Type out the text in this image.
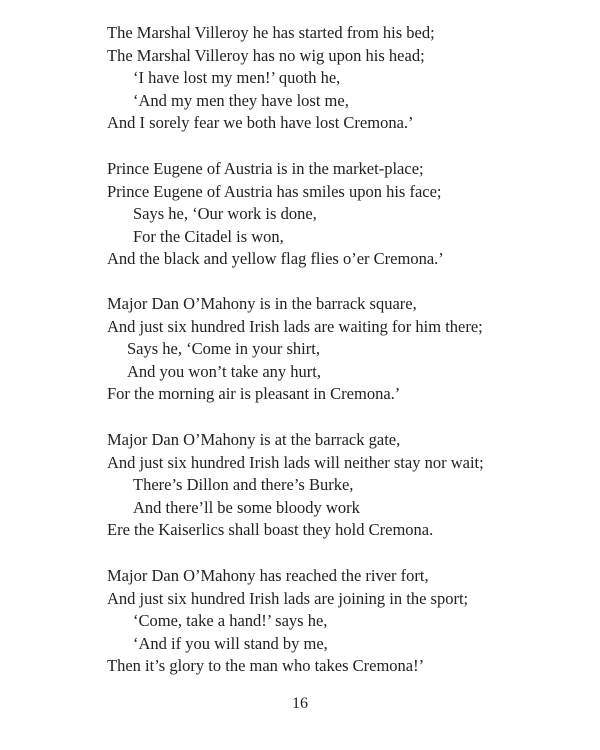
The Marshal Villeroy he has started from his bed;
The Marshal Villeroy has no wig upon his head;
‘I have lost my men!’ quoth he,
‘And my men they have lost me,
And I sorely fear we both have lost Cremona.’
Prince Eugene of Austria is in the market-place;
Prince Eugene of Austria has smiles upon his face;
Says he, ‘Our work is done,
For the Citadel is won,
And the black and yellow flag flies o’er Cremona.’
Major Dan O’Mahony is in the barrack square,
And just six hundred Irish lads are waiting for him there;
Says he, ‘Come in your shirt,
And you won’t take any hurt,
For the morning air is pleasant in Cremona.’
Major Dan O’Mahony is at the barrack gate,
And just six hundred Irish lads will neither stay nor wait;
There’s Dillon and there’s Burke,
And there’ll be some bloody work
Ere the Kaiserlics shall boast they hold Cremona.
Major Dan O’Mahony has reached the river fort,
And just six hundred Irish lads are joining in the sport;
‘Come, take a hand!’ says he,
‘And if you will stand by me,
Then it’s glory to the man who takes Cremona!’
16
